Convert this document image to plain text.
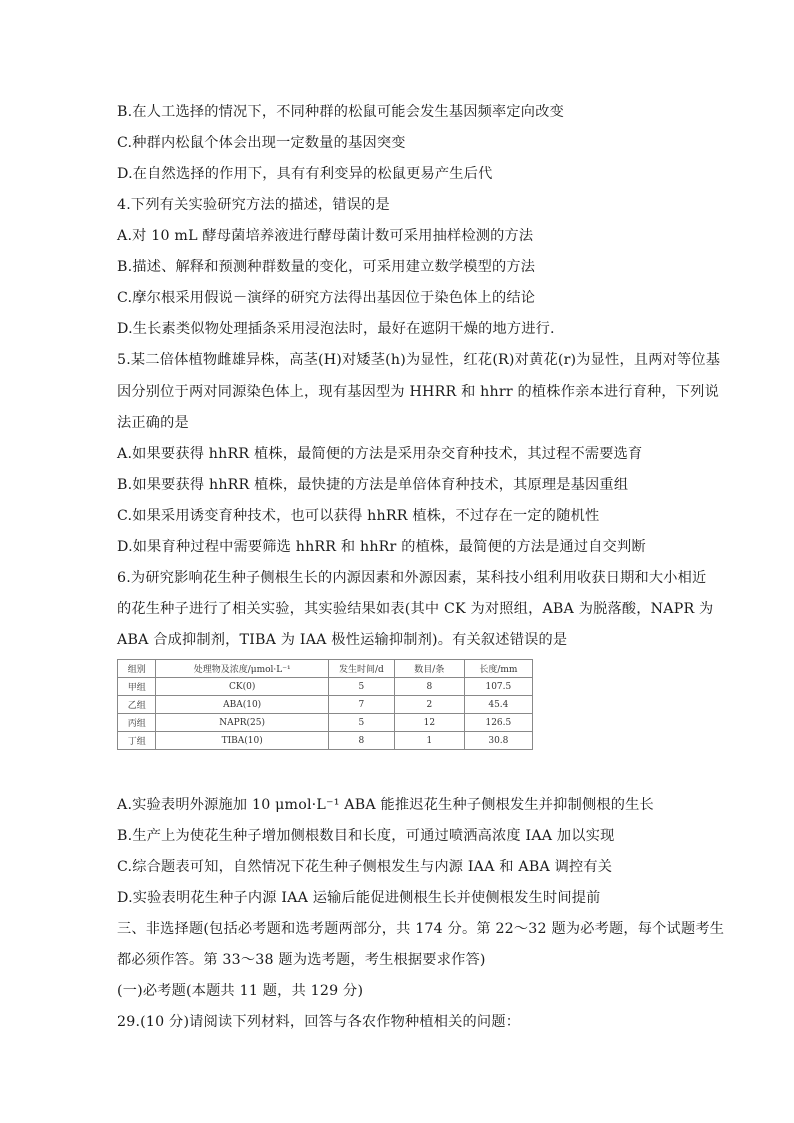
B.在人工选择的情况下，不同种群的松鼠可能会发生基因频率定向改变
C.种群内松鼠个体会出现一定数量的基因突变
D.在自然选择的作用下，具有有利变异的松鼠更易产生后代
4.下列有关实验研究方法的描述，错误的是
A.对 10 mL 酵母菌培养液进行酵母菌计数可采用抽样检测的方法
B.描述、解释和预测种群数量的变化，可采用建立数学模型的方法
C.摩尔根采用假说－演绎的研究方法得出基因位于染色体上的结论
D.生长素类似物处理插条采用浸泡法时，最好在遮阴干燥的地方进行.
5.某二倍体植物雌雄异株，高茎(H)对矮茎(h)为显性，红花(R)对黄花(r)为显性，且两对等位基
因分别位于两对同源染色体上，现有基因型为 HHRR 和 hhrr 的植株作亲本进行育种，下列说
法正确的是
A.如果要获得 hhRR 植株，最简便的方法是采用杂交育种技术，其过程不需要选育
B.如果要获得 hhRR 植株，最快捷的方法是单倍体育种技术，其原理是基因重组
C.如果采用诱变育种技术，也可以获得 hhRR 植株，不过存在一定的随机性
D.如果育种过程中需要筛选 hhRR 和 hhRr 的植株，最简便的方法是通过自交判断
6.为研究影响花生种子侧根生长的内源因素和外源因素，某科技小组利用收获日期和大小相近
的花生种子进行了相关实验，其实验结果如表(其中 CK 为对照组，ABA 为脱落酸，NAPR 为
ABA 合成抑制剂，TIBA 为 IAA 极性运输抑制剂)。有关叙述错误的是
组别	处理物及浓度/μmol·L⁻¹	发生时间/d	数目/条	长度/mm
甲组	CK(0)	5	8	107.5
乙组	ABA(10)	7	2	45.4
丙组	NAPR(25)	5	12	126.5
丁组	TIBA(10)	8	1	30.8
A.实验表明外源施加 10 μmol·L⁻¹ ABA 能推迟花生种子侧根发生并抑制侧根的生长
B.生产上为使花生种子增加侧根数目和长度，可通过喷洒高浓度 IAA 加以实现
C.综合题表可知，自然情况下花生种子侧根发生与内源 IAA 和 ABA 调控有关
D.实验表明花生种子内源 IAA 运输后能促进侧根生长并使侧根发生时间提前
三、非选择题(包括必考题和选考题两部分，共 174 分。第 22～32 题为必考题，每个试题考生
都必须作答。第 33～38 题为选考题，考生根据要求作答)
(一)必考题(本题共 11 题，共 129 分)
29.(10 分)请阅读下列材料，回答与各农作物种植相关的问题：
